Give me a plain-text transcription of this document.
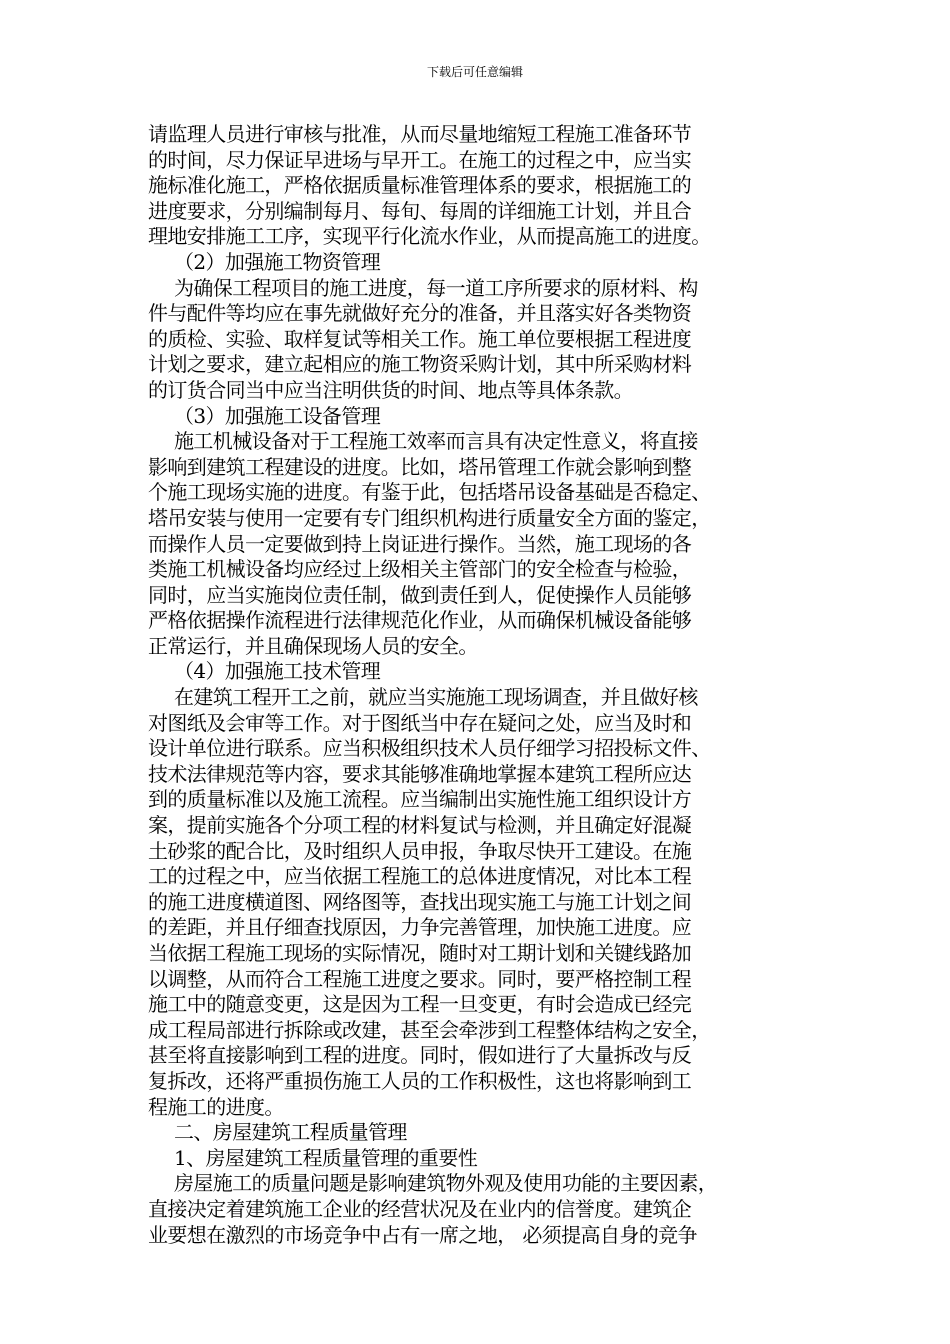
下载后可任意编辑
请监理人员进行审核与批准，从而尽量地缩短工程施工准备环节
的时间，尽力保证早进场与早开工。在施工的过程之中，应当实
施标准化施工，严格依据质量标准管理体系的要求，根据施工的
进度要求，分别编制每月、每旬、每周的详细施工计划，并且合
理地安排施工工序，实现平行化流水作业，从而提高施工的进度。
（2）加强施工物资管理
为确保工程项目的施工进度，每一道工序所要求的原材料、构
件与配件等均应在事先就做好充分的准备，并且落实好各类物资
的质检、实验、取样复试等相关工作。施工单位要根据工程进度
计划之要求，建立起相应的施工物资采购计划，其中所采购材料
的订货合同当中应当注明供货的时间、地点等具体条款。
（3）加强施工设备管理
施工机械设备对于工程施工效率而言具有决定性意义，将直接
影响到建筑工程建设的进度。比如，塔吊管理工作就会影响到整
个施工现场实施的进度。有鉴于此，包括塔吊设备基础是否稳定、
塔吊安装与使用一定要有专门组织机构进行质量安全方面的鉴定，
而操作人员一定要做到持上岗证进行操作。当然，施工现场的各
类施工机械设备均应经过上级相关主管部门的安全检查与检验，
同时，应当实施岗位责任制，做到责任到人，促使操作人员能够
严格依据操作流程进行法律规范化作业，从而确保机械设备能够
正常运行，并且确保现场人员的安全。
（4）加强施工技术管理
在建筑工程开工之前，就应当实施施工现场调查，并且做好核
对图纸及会审等工作。对于图纸当中存在疑问之处，应当及时和
设计单位进行联系。应当积极组织技术人员仔细学习招投标文件、
技术法律规范等内容，要求其能够准确地掌握本建筑工程所应达
到的质量标准以及施工流程。应当编制出实施性施工组织设计方
案，提前实施各个分项工程的材料复试与检测，并且确定好混凝
土砂浆的配合比，及时组织人员申报，争取尽快开工建设。在施
工的过程之中，应当依据工程施工的总体进度情况，对比本工程
的施工进度横道图、网络图等，查找出现实施工与施工计划之间
的差距，并且仔细查找原因，力争完善管理，加快施工进度。应
当依据工程施工现场的实际情况，随时对工期计划和关键线路加
以调整，从而符合工程施工进度之要求。同时，要严格控制工程
施工中的随意变更，这是因为工程一旦变更，有时会造成已经完
成工程局部进行拆除或改建，甚至会牵涉到工程整体结构之安全，
甚至将直接影响到工程的进度。同时，假如进行了大量拆改与反
复拆改，还将严重损伤施工人员的工作积极性，这也将影响到工
程施工的进度。
二、房屋建筑工程质量管理
1、房屋建筑工程质量管理的重要性
房屋施工的质量问题是影响建筑物外观及使用功能的主要因素，
直接决定着建筑施工企业的经营状况及在业内的信誉度。建筑企
业要想在激烈的市场竞争中占有一席之地， 必须提高自身的竞争
